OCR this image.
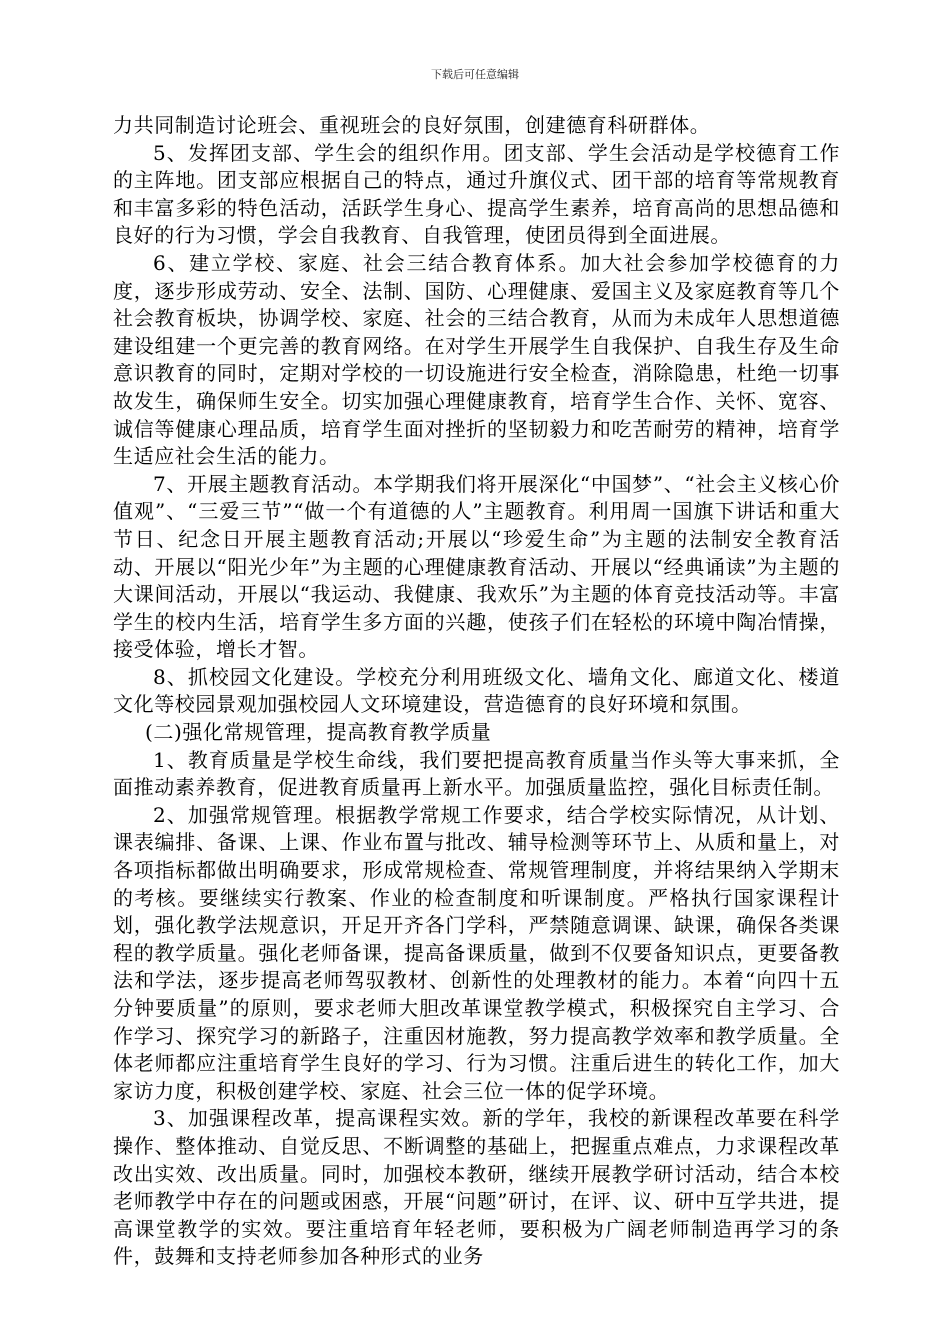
下载后可任意编辑

力共同制造讨论班会、重视班会的良好氛围，创建德育科研群体。

5、发挥团支部、学生会的组织作用。团支部、学生会活动是学校德育工作的主阵地。团支部应根据自己的特点，通过升旗仪式、团干部的培育等常规教育和丰富多彩的特色活动，活跃学生身心、提高学生素养，培育高尚的思想品德和良好的行为习惯，学会自我教育、自我管理，使团员得到全面进展。

6、建立学校、家庭、社会三结合教育体系。加大社会参加学校德育的力度，逐步形成劳动、安全、法制、国防、心理健康、爱国主义及家庭教育等几个社会教育板块，协调学校、家庭、社会的三结合教育，从而为未成年人思想道德建设组建一个更完善的教育网络。在对学生开展学生自我保护、自我生存及生命意识教育的同时，定期对学校的一切设施进行安全检查，消除隐患，杜绝一切事故发生，确保师生安全。切实加强心理健康教育，培育学生合作、关怀、宽容、诚信等健康心理品质，培育学生面对挫折的坚韧毅力和吃苦耐劳的精神，培育学生适应社会生活的能力。

7、开展主题教育活动。本学期我们将开展深化“中国梦”、“社会主义核心价值观”、“三爱三节”“做一个有道德的人”主题教育。利用周一国旗下讲话和重大节日、纪念日开展主题教育活动;开展以“珍爱生命”为主题的法制安全教育活动、开展以“阳光少年”为主题的心理健康教育活动、开展以“经典诵读”为主题的大课间活动，开展以“我运动、我健康、我欢乐”为主题的体育竞技活动等。丰富学生的校内生活，培育学生多方面的兴趣，使孩子们在轻松的环境中陶冶情操，接受体验，增长才智。

8、抓校园文化建设。学校充分利用班级文化、墙角文化、廊道文化、楼道文化等校园景观加强校园人文环境建设，营造德育的良好环境和氛围。

(二)强化常规管理，提高教育教学质量

1、教育质量是学校生命线，我们要把提高教育质量当作头等大事来抓，全面推动素养教育，促进教育质量再上新水平。加强质量监控，强化目标责任制。

2、加强常规管理。根据教学常规工作要求，结合学校实际情况，从计划、课表编排、备课、上课、作业布置与批改、辅导检测等环节上、从质和量上，对各项指标都做出明确要求，形成常规检查、常规管理制度，并将结果纳入学期末的考核。要继续实行教案、作业的检查制度和听课制度。严格执行国家课程计划，强化教学法规意识，开足开齐各门学科，严禁随意调课、缺课，确保各类课程的教学质量。强化老师备课，提高备课质量，做到不仅要备知识点，更要备教法和学法，逐步提高老师驾驭教材、创新性的处理教材的能力。本着“向四十五分钟要质量”的原则，要求老师大胆改革课堂教学模式，积极探究自主学习、合作学习、探究学习的新路子，注重因材施教，努力提高教学效率和教学质量。全体老师都应注重培育学生良好的学习、行为习惯。注重后进生的转化工作，加大家访力度，积极创建学校、家庭、社会三位一体的促学环境。

3、加强课程改革，提高课程实效。新的学年，我校的新课程改革要在科学操作、整体推动、自觉反思、不断调整的基础上，把握重点难点，力求课程改革改出实效、改出质量。同时，加强校本教研，继续开展教学研讨活动，结合本校老师教学中存在的问题或困惑，开展“问题”研讨，在评、议、研中互学共进，提高课堂教学的实效。要注重培育年轻老师，要积极为广阔老师制造再学习的条件，鼓舞和支持老师参加各种形式的业务
